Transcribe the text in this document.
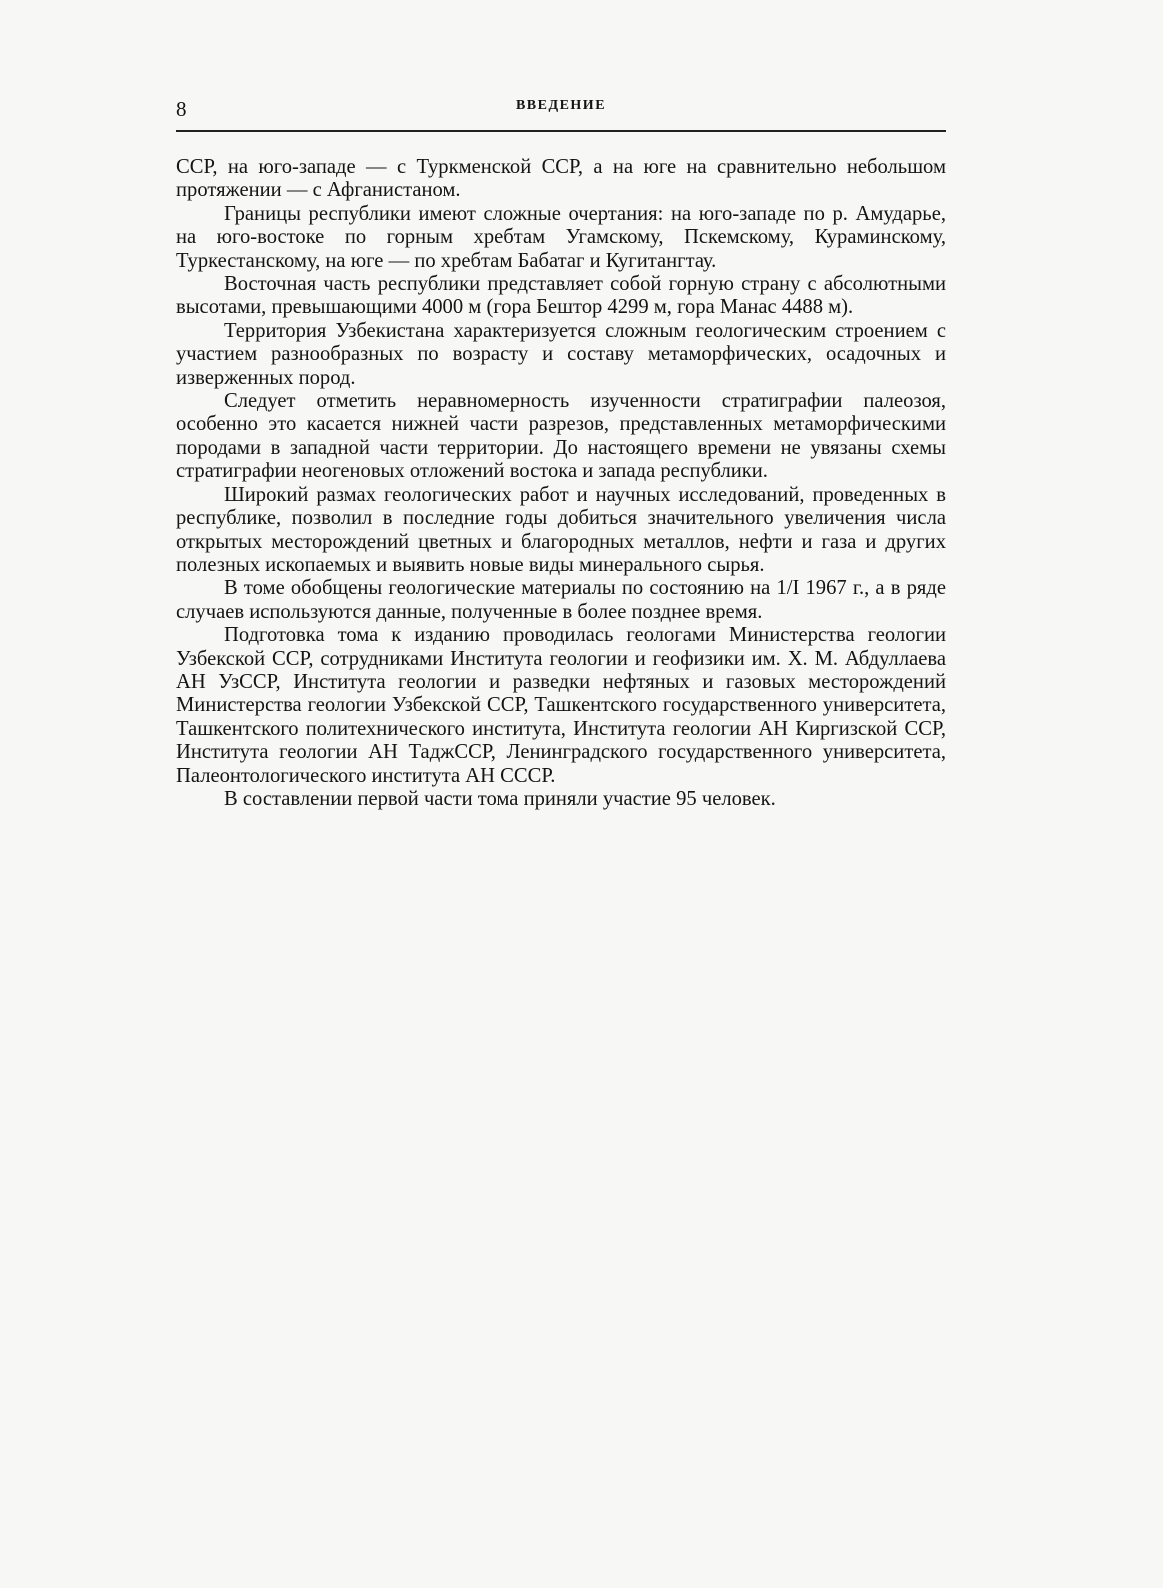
8	ВВЕДЕНИЕ

ССР, на юго-западе — с Туркменской ССР, а на юге на сравнительно небольшом протяжении — с Афганистаном.

Границы республики имеют сложные очертания: на юго-западе по р. Амударье, на юго-востоке по горным хребтам Угамскому, Пскемскому, Кураминскому, Туркестанскому, на юге — по хребтам Бабатаг и Кугитангтау.

Восточная часть республики представляет собой горную страну с абсолютными высотами, превышающими 4000 м (гора Бештор 4299 м, гора Манас 4488 м).

Территория Узбекистана характеризуется сложным геологическим строением с участием разнообразных по возрасту и составу метаморфических, осадочных и изверженных пород.

Следует отметить неравномерность изученности стратиграфии палеозоя, особенно это касается нижней части разрезов, представленных метаморфическими породами в западной части территории. До настоящего времени не увязаны схемы стратиграфии неогеновых отложений востока и запада республики.

Широкий размах геологических работ и научных исследований, проведенных в республике, позволил в последние годы добиться значительного увеличения числа открытых месторождений цветных и благородных металлов, нефти и газа и других полезных ископаемых и выявить новые виды минерального сырья.

В томе обобщены геологические материалы по состоянию на 1/I 1967 г., а в ряде случаев используются данные, полученные в более позднее время.

Подготовка тома к изданию проводилась геологами Министерства геологии Узбекской ССР, сотрудниками Института геологии и геофизики им. Х. М. Абдуллаева АН УзССР, Института геологии и разведки нефтяных и газовых месторождений Министерства геологии Узбекской ССР, Ташкентского государственного университета, Ташкентского политехнического института, Института геологии АН Киргизской ССР, Института геологии АН ТаджССР, Ленинградского государственного университета, Палеонтологического института АН СССР.

В составлении первой части тома приняли участие 95 человек.
